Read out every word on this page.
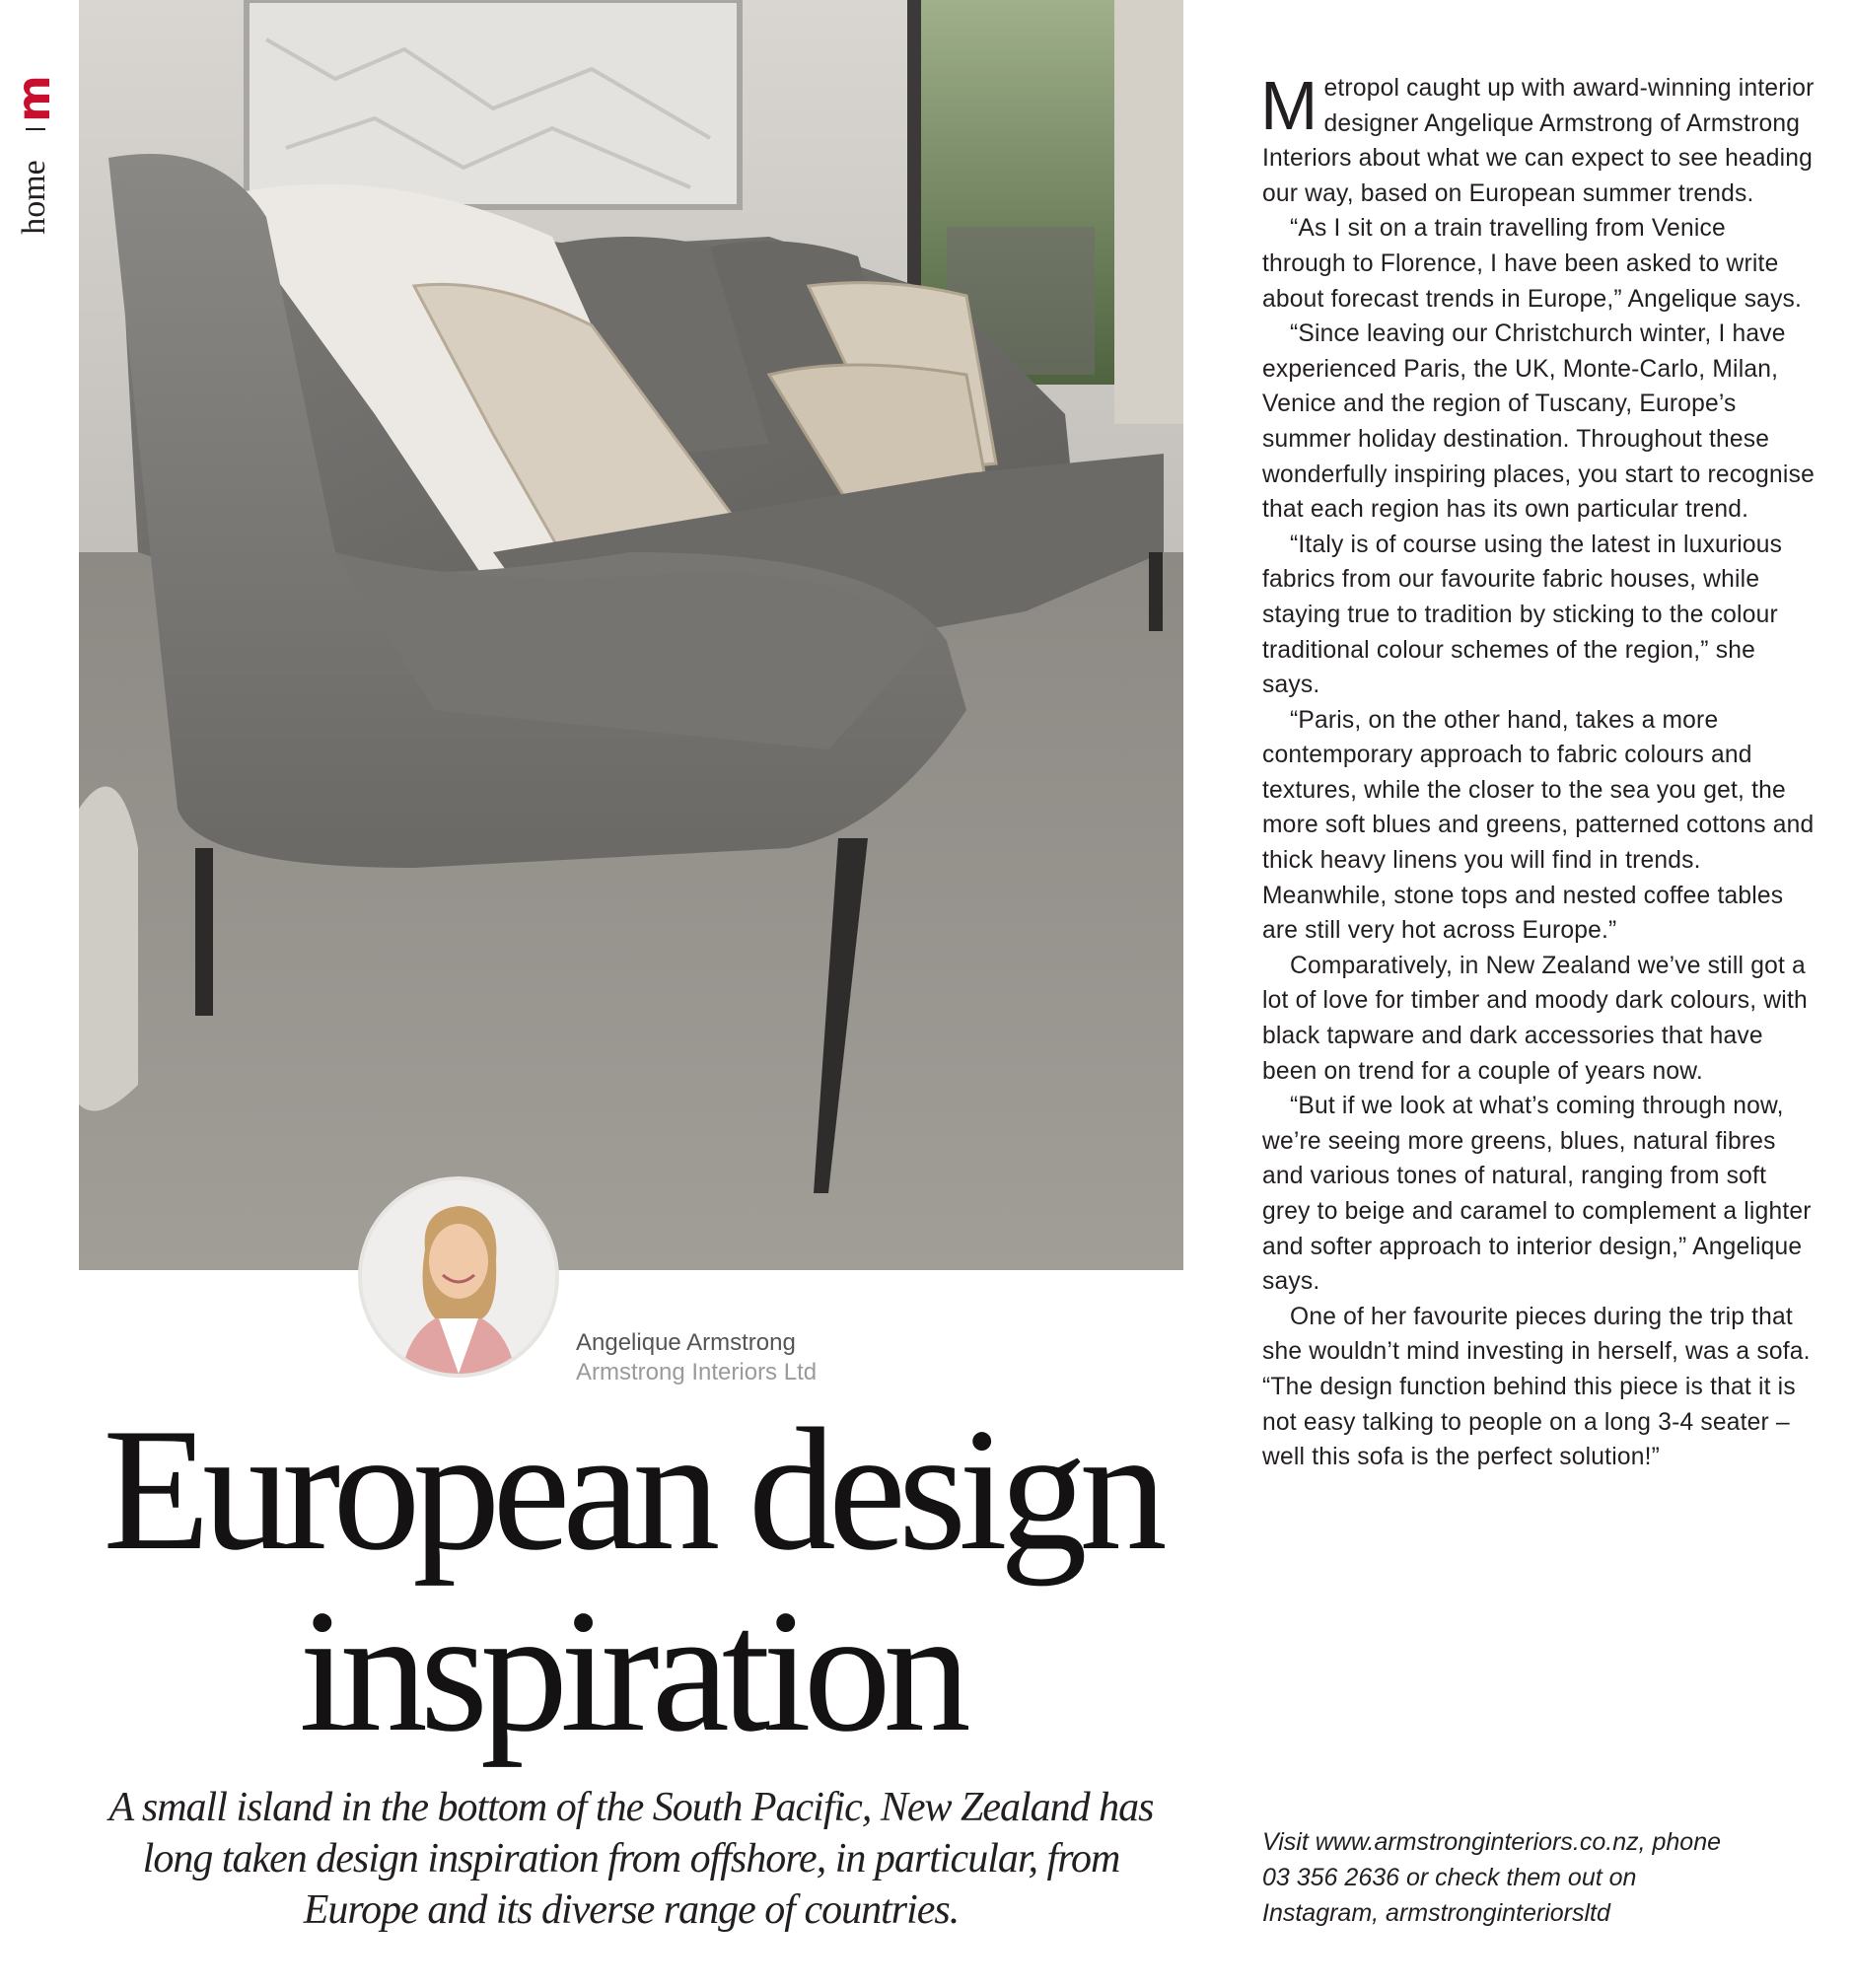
m
home
Angelique Armstrong
Armstrong Interiors Ltd
European design
inspiration

A small island in the bottom of the South Pacific, New Zealand has
long taken design inspiration from offshore, in particular, from
Europe and its diverse range of countries.

Metropol caught up with award-winning interior designer Angelique Armstrong of Armstrong Interiors about what we can expect to see heading our way, based on European summer trends.

“As I sit on a train travelling from Venice through to Florence, I have been asked to write about forecast trends in Europe,” Angelique says.

“Since leaving our Christchurch winter, I have experienced Paris, the UK, Monte-Carlo, Milan, Venice and the region of Tuscany, Europe’s summer holiday destination. Throughout these wonderfully inspiring places, you start to recognise that each region has its own particular trend.

“Italy is of course using the latest in luxurious fabrics from our favourite fabric houses, while staying true to tradition by sticking to the colour traditional colour schemes of the region,” she says.

“Paris, on the other hand, takes a more contemporary approach to fabric colours and textures, while the closer to the sea you get, the more soft blues and greens, patterned cottons and thick heavy linens you will find in trends. Meanwhile, stone tops and nested coffee tables are still very hot across Europe.”

Comparatively, in New Zealand we’ve still got a lot of love for timber and moody dark colours, with black tapware and dark accessories that have been on trend for a couple of years now.

“But if we look at what’s coming through now, we’re seeing more greens, blues, natural fibres and various tones of natural, ranging from soft grey to beige and caramel to complement a lighter and softer approach to interior design,” Angelique says.

One of her favourite pieces during the trip that she wouldn’t mind investing in herself, was a sofa. “The design function behind this piece is that it is not easy talking to people on a long 3-4 seater – well this sofa is the perfect solution!”

Visit www.armstronginteriors.co.nz, phone
03 356 2636 or check them out on
Instagram, armstronginteriorsltd
